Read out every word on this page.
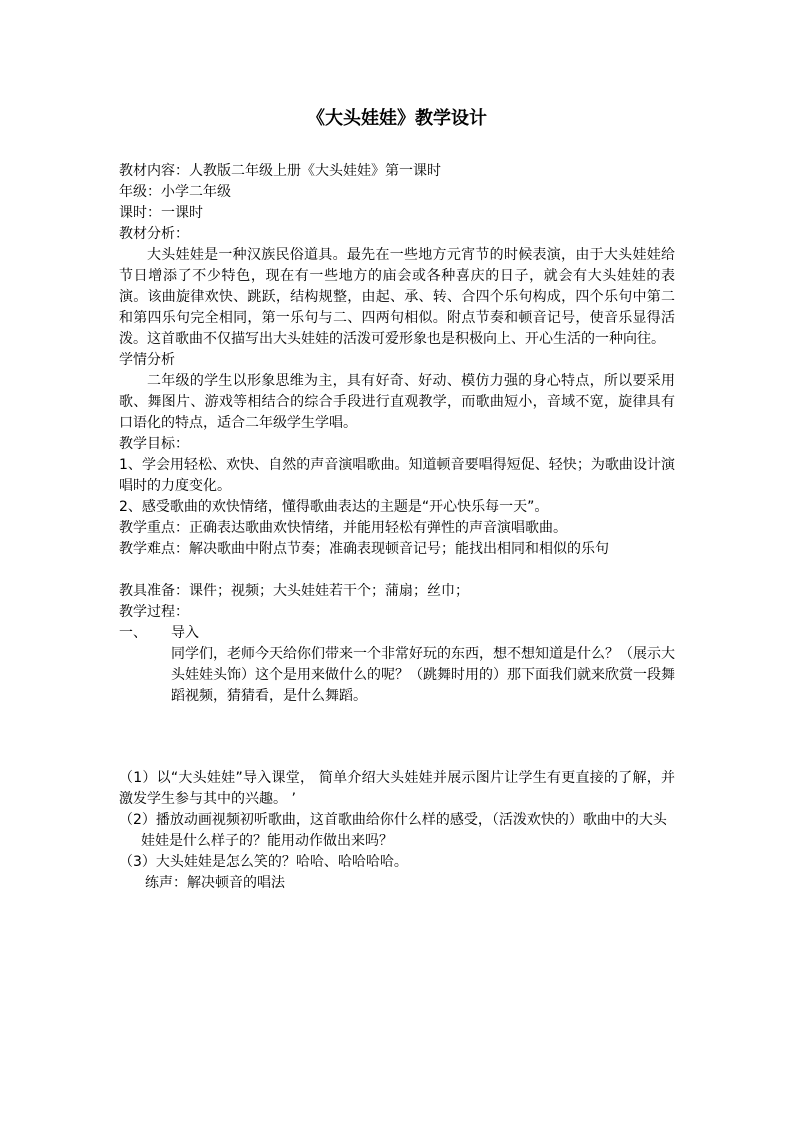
《大头娃娃》教学设计
教材内容：人教版二年级上册《大头娃娃》第一课时
年级：小学二年级
课时：一课时
教材分析：
大头娃娃是一种汉族民俗道具。最先在一些地方元宵节的时候表演，由于大头娃娃给节日增添了不少特色，现在有一些地方的庙会或各种喜庆的日子，就会有大头娃娃的表演。该曲旋律欢快、跳跃，结构规整，由起、承、转、合四个乐句构成，四个乐句中第二和第四乐句完全相同，第一乐句与二、四两句相似。附点节奏和顿音记号，使音乐显得活泼。这首歌曲不仅描写出大头娃娃的活泼可爱形象也是积极向上、开心生活的一种向往。
学情分析
二年级的学生以形象思维为主，具有好奇、好动、模仿力强的身心特点，所以要采用歌、舞图片、游戏等相结合的综合手段进行直观教学，而歌曲短小，音域不宽，旋律具有口语化的特点，适合二年级学生学唱。
教学目标：
1、学会用轻松、欢快、自然的声音演唱歌曲。知道顿音要唱得短促、轻快；为歌曲设计演唱时的力度变化。
2、感受歌曲的欢快情绪，懂得歌曲表达的主题是“开心快乐每一天”。
教学重点：正确表达歌曲欢快情绪，并能用轻松有弹性的声音演唱歌曲。
教学难点：解决歌曲中附点节奏；准确表现顿音记号；能找出相同和相似的乐句
教具准备：课件；视频；大头娃娃若干个；蒲扇；丝巾；
教学过程：
一、	导入
同学们，老师今天给你们带来一个非常好玩的东西，想不想知道是什么？（展示大头娃娃头饰）这个是用来做什么的呢？（跳舞时用的）那下面我们就来欣赏一段舞蹈视频，猜猜看，是什么舞蹈。
（1）以“大头娃娃”导入课堂， 简单介绍大头娃娃并展示图片让学生有更直接的了解，并激发学生参与其中的兴趣。 ’
（2）播放动画视频初听歌曲，这首歌曲给你什么样的感受，（活泼欢快的）歌曲中的大头娃娃是什么样子的？能用动作做出来吗？
（3）大头娃娃是怎么笑的？哈哈、哈哈哈哈。
练声：解决顿音的唱法
